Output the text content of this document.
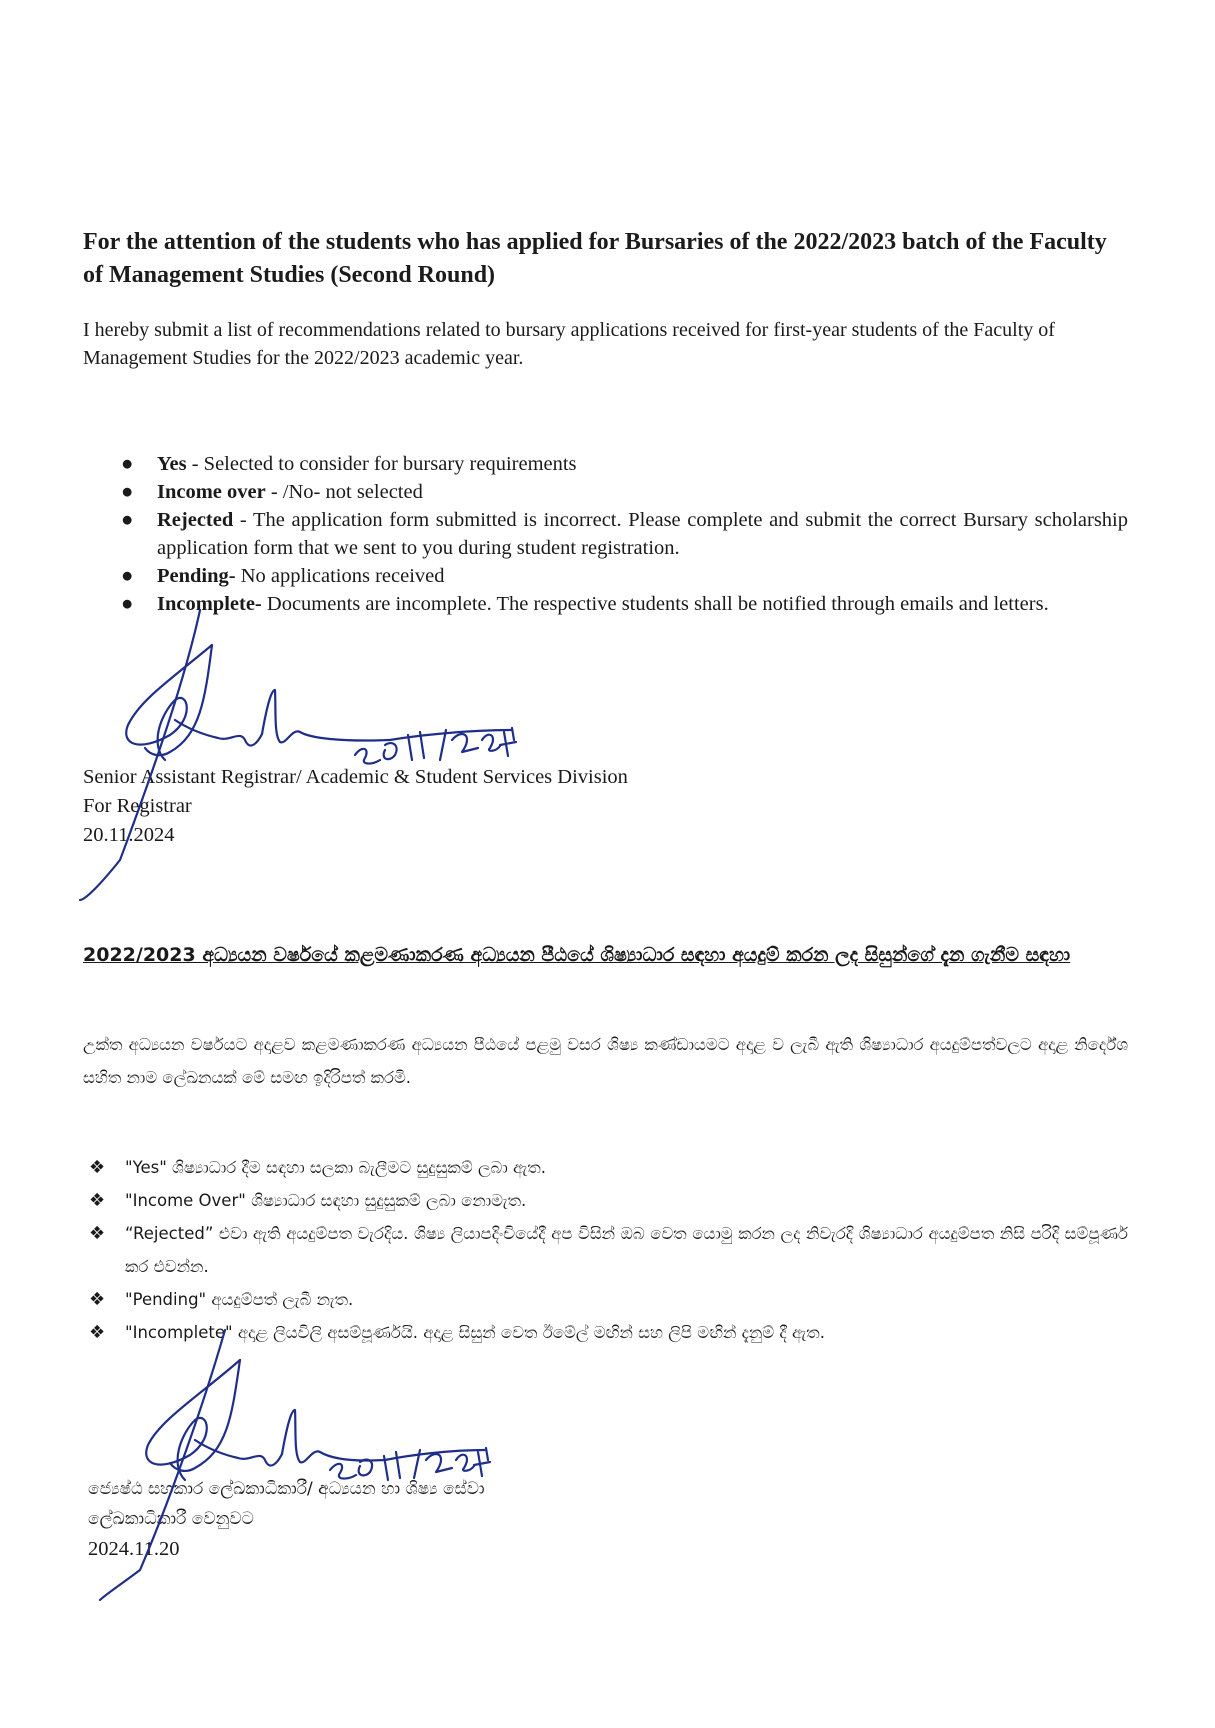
For the attention of the students who has applied for Bursaries of the 2022/2023 batch of the Faculty of Management Studies (Second Round)

I hereby submit a list of recommendations related to bursary applications received for first-year students of the Faculty of Management Studies for the 2022/2023 academic year.

● Yes - Selected to consider for bursary requirements
● Income over - /No- not selected
● Rejected - The application form submitted is incorrect. Please complete and submit the correct Bursary scholarship application form that we sent to you during student registration.
● Pending- No applications received
● Incomplete- Documents are incomplete. The respective students shall be notified through emails and letters.
Senior Assistant Registrar/ Academic & Student Services Division
For Registrar
20.11.2024
2022/2023 අධ්‍යයන වර්ෂයේ කළමණාකරණ අධ්‍යයන පීඨයේ ශිෂ්‍යාධාර සඳහා අයදුම් කරන ලද සිසුන්ගේ දැන ගැනීම සඳහා

උක්ත අධ්‍යයන වර්ෂයට අදාළව කළමණාකරණ අධ්‍යයන පීඨයේ පළමු වසර ශිෂ්‍ය කණ්ඩායමට අදාළ ව ලැබී ඇති ශිෂ්‍යාධාර අයදුම්පත්වලට අදාළ නිර්දේශ සහිත නාම ලේඛනයක් මේ සමඟ ඉදිරිපත් කරමි.

❖ "Yes" ශිෂ්‍යාධාර දීම සඳහා සලකා බැලීමට සුදුසුකම් ලබා ඇත.
❖ "Income Over" ශිෂ්‍යාධාර සඳහා සුදුසුකම් ලබා නොමැත.
❖ “Rejected” එවා ඇති අයදුම්පත වැරදිය. ශිෂ්‍ය ලියාපදිංචියේදී අප විසින් ඔබ වෙත යොමු කරන ලද නිවැරදි ශිෂ්‍යාධාර අයදුම්පත නිසි පරිදි සම්පූර්ණ කර එවන්න.
❖ "Pending" අයදුම්පත් ලැබී නැත.
❖ "Incomplete" අදාළ ලියවිලි අසම්පූර්ණයි. අදාළ සිසුන් වෙත ඊමේල් මඟින් සහ ලිපි මඟින් දැනුම් දී ඇත.
ජ්‍යෙෂ්ඨ සහකාර ලේඛකාධිකාරී/ අධ්‍යයන හා ශිෂ්‍ය සේවා
ලේඛකාධිකාරී වෙනුවට
2024.11.20
